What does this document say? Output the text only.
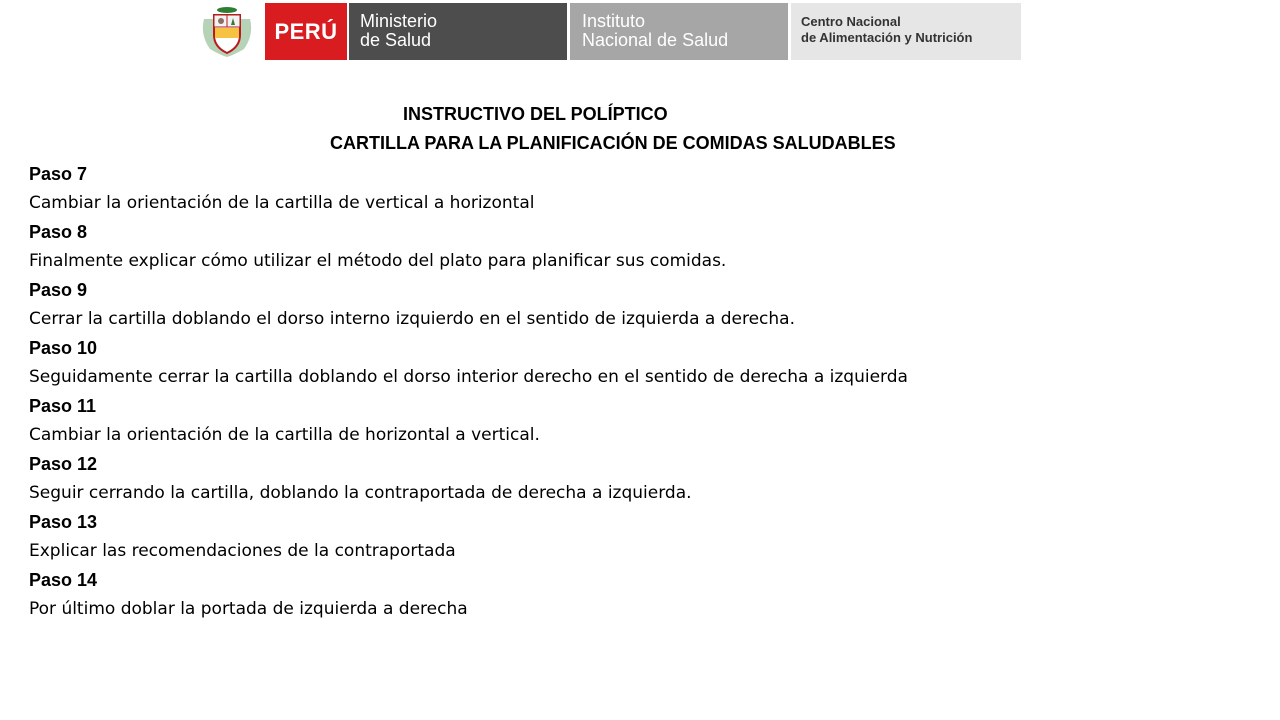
PERÚ Ministerio
de Salud
Instituto
Nacional de Salud
Centro Nacional
de Alimentación y Nutrición
INSTRUCTIVO DEL POLÍPTICO
CARTILLA PARA LA PLANIFICACIÓN DE COMIDAS SALUDABLES
Paso 7
Cambiar la orientación de la cartilla de vertical a horizontal
Paso 8
Finalmente explicar cómo utilizar el método del plato para planificar sus comidas.
Paso 9
Cerrar la cartilla doblando el dorso interno izquierdo en el sentido de izquierda a derecha.
Paso 10
Seguidamente cerrar la cartilla doblando el dorso interior derecho en el sentido de derecha a izquierda
Paso 11
Cambiar la orientación de la cartilla de horizontal a vertical.
Paso 12
Seguir cerrando la cartilla, doblando la contraportada de derecha a izquierda.
Paso 13
Explicar las recomendaciones de la contraportada
Paso 14
Por último doblar la portada de izquierda a derecha
